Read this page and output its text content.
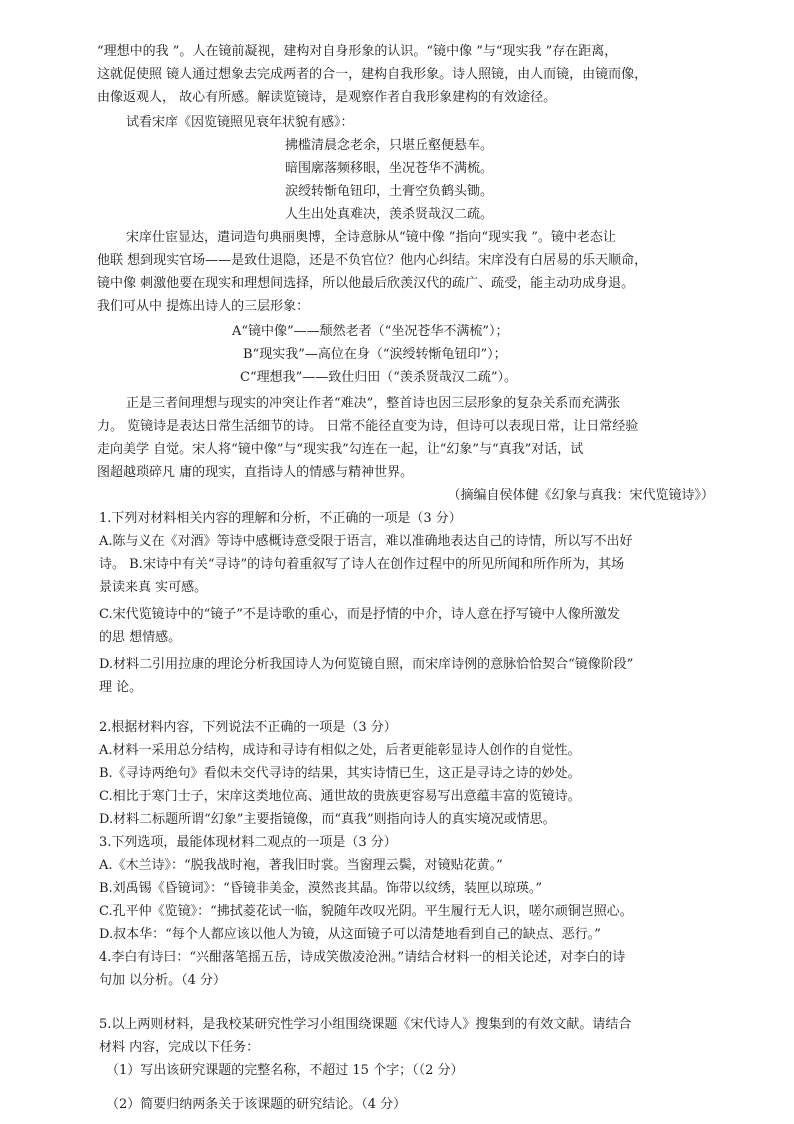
“理想中的我 ”。人在镜前凝视，建构对自身形象的认识。“镜中像 ”与“现实我 ”存在距离，
这就促使照 镜人通过想象去完成两者的合一，建构自我形象。诗人照镜，由人而镜，由镜而像，
由像返观人， 故心有所感。解读览镜诗，是观察作者自我形象建构的有效途径。
试看宋庠《因览镜照见衰年状貌有感》：
拂槛清晨念老余，只堪丘壑便悬车。
暗围廓落频移眼，坐况苍华不满梳。
涙绶转惭龟钮印，土膏空负鹤头锄。
人生出处真难决，羡杀贤哉汉二疏。
宋庠仕宦显达，遣词造句典丽奥博，全诗意脉从“镜中像 ”指向“现实我 ”。镜中老态让
他联 想到现实官场——是致仕退隐，还是不负官位？他内心纠结。宋庠没有白居易的乐天顺命，
镜中像 刺激他要在现实和理想间选择，所以他最后欣羡汉代的疏广、疏受，能主动功成身退。
我们可从中 提炼出诗人的三层形象：
A“镜中像”——颓然老者（“坐况苍华不满梳”）；
B“现实我”—高位在身（“涙绶转惭龟钮印”）；
C“理想我”——致仕归田（“羡杀贤哉汉二疏”）。
正是三者间理想与现实的冲突让作者“难决”，整首诗也因三层形象的复杂关系而充满张
力。 览镜诗是表达日常生活细节的诗。 日常不能径直变为诗，但诗可以表现日常，让日常经验
走向美学 自觉。宋人将“镜中像”与“现实我”勾连在一起，让“幻象”与“真我”对话，试
图超越琐碎凡 庸的现实，直指诗人的情感与精神世界。
（摘编自侯体健《幻象与真我：宋代览镜诗》）
1.下列对材料相关内容的理解和分析，不正确的一项是（3 分）
A.陈与义在《对酒》等诗中感概诗意受限于语言，难以准确地表达自己的诗情，所以写不出好
诗。 B.宋诗中有关“寻诗”的诗句着重叙写了诗人在创作过程中的所见所闻和所作所为，其场
景读来真 实可感。
C.宋代览镜诗中的“镜子”不是诗歌的重心，而是抒情的中介，诗人意在抒写镜中人像所激发
的思 想情感。
D.材料二引用拉康的理论分析我国诗人为何览镜自照，而宋庠诗例的意脉恰恰契合“镜像阶段”
理 论。
2.根据材料内容，下列说法不正确的一项是（3 分）
A.材料一采用总分结构，成诗和寻诗有相似之处，后者更能彰显诗人创作的自觉性。
B.《寻诗两绝句》看似未交代寻诗的结果，其实诗情已生，这正是寻诗之诗的妙处。
C.相比于寒门士子，宋庠这类地位高、通世故的贵族更容易写出意蕴丰富的览镜诗。
D.材料二标题所谓“幻象”主要指镜像，而“真我”则指向诗人的真实境况或情思。
3.下列选项，最能体现材料二观点的一项是（3 分）
A.《木兰诗》：“脱我战时袍，著我旧时裳。当窗理云鬓，对镜贴花黄。”
B.刘禹锡《昏镜词》：“昏镜非美金，漠然丧其晶。饰带以纹绣，装匣以琼瑛。”
C.孔平仲《览镜》：“拂拭菱花试一临，貌随年改叹光阴。平生履行无人识，嗟尔顽铜岂照心。
D.叔本华：“每个人都应该以他人为镜，从这面镜子可以清楚地看到自己的缺点、恶行。”
4.李白有诗曰：“兴酣落笔摇五岳，诗成笑傲凌沧洲。”请结合材料一的相关论述，对李白的诗
句加 以分析。（4 分）
5.以上两则材料，是我校某研究性学习小组围绕课题《宋代诗人》搜集到的有效文献。请结合
材料 内容，完成以下任务：
（1）写出该研究课题的完整名称，不超过 15 个字；（（2 分）
（2）简要归纳两条关于该课题的研究结论。（4 分）
